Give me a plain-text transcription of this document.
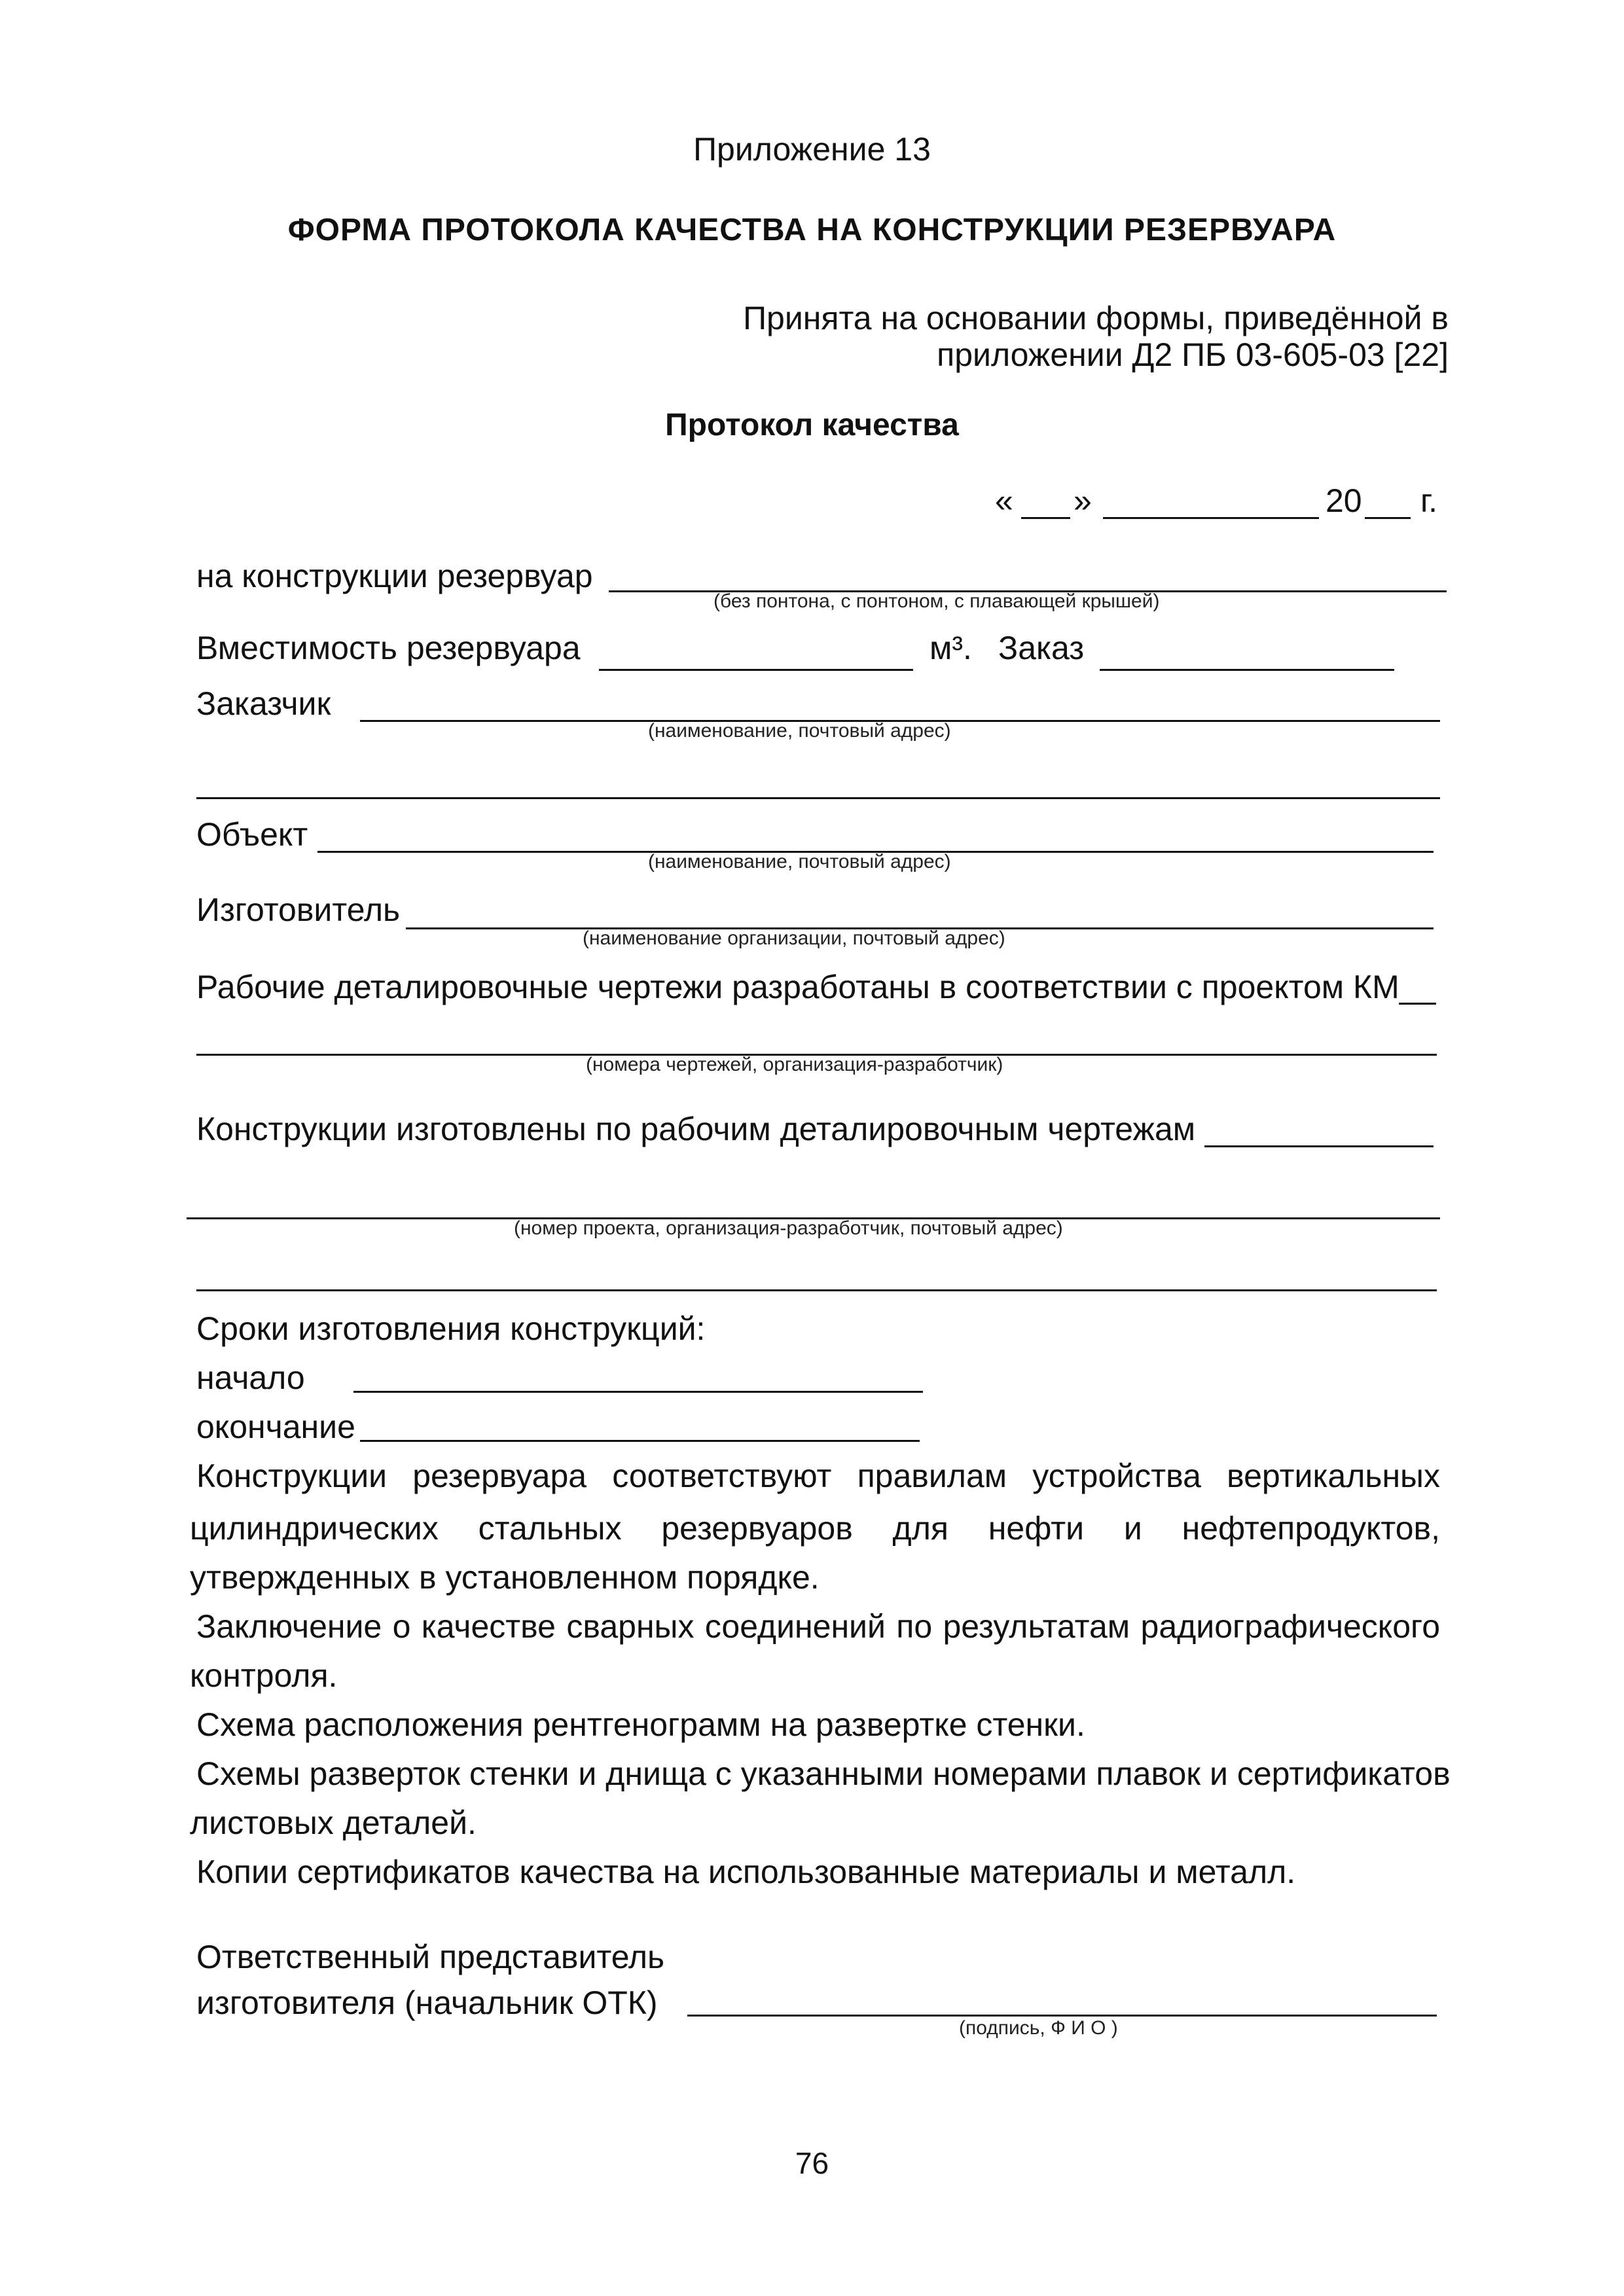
Приложение 13
ФОРМА ПРОТОКОЛА КАЧЕСТВА НА КОНСТРУКЦИИ РЕЗЕРВУАРА
Принята на основании формы, приведённой в
приложении Д2 ПБ 03-605-03 [22]
Протокол качества
« »	20 г.
на конструкции резервуар
(без понтона, с понтоном, с плавающей крышей)
Вместимость резервуара	м³. Заказ
Заказчик
(наименование, почтовый адрес)
Объект
(наименование, почтовый адрес)
Изготовитель
(наименование организации, почтовый адрес)
Рабочие деталировочные чертежи разработаны в соответствии с проектом КМ__
(номера чертежей, организация-разработчик)
Конструкции изготовлены по рабочим деталировочным чертежам
(номер проекта, организация-разработчик, почтовый адрес)
Сроки изготовления конструкций:
начало
окончание
Конструкции резервуара соответствуют правилам устройства вертикальных
цилиндрических стальных резервуаров для нефти и нефтепродуктов,
утвержденных в установленном порядке.
Заключение о качестве сварных соединений по результатам радиографического
контроля.
Схема расположения рентгенограмм на развертке стенки.
Схемы разверток стенки и днища с указанными номерами плавок и сертификатов
листовых деталей.
Копии сертификатов качества на использованные материалы и металл.
Ответственный представитель
изготовителя (начальник ОТК)
(подпись, Ф И О )
76
